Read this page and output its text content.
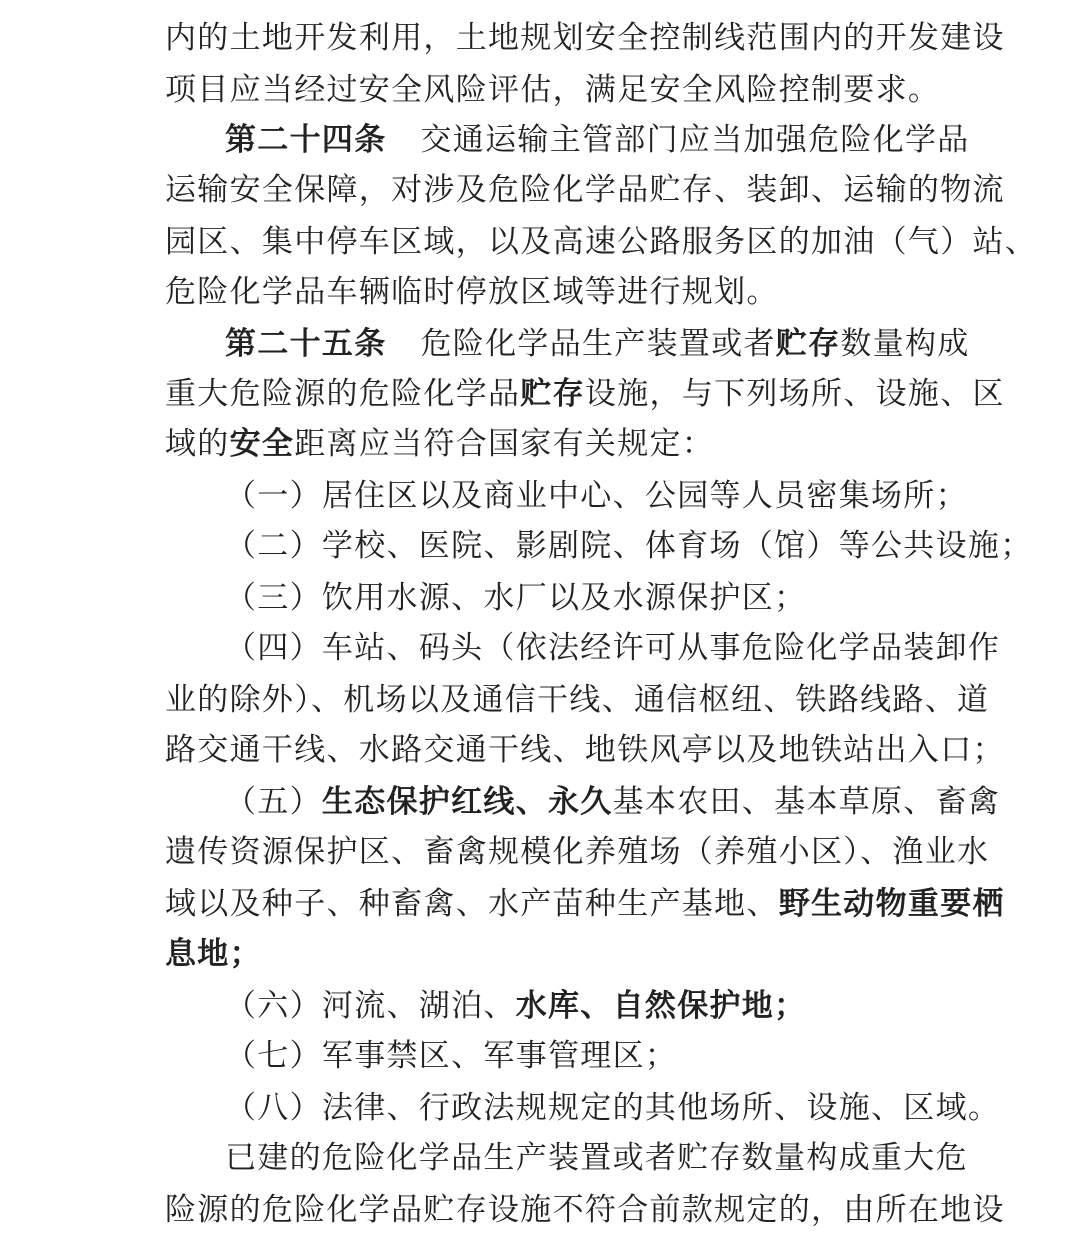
内的土地开发利用，土地规划安全控制线范围内的开发建设
项目应当经过安全风险评估，满足安全风险控制要求。
第二十四条 交通运输主管部门应当加强危险化学品
运输安全保障，对涉及危险化学品贮存、装卸、运输的物流
园区、集中停车区域，以及高速公路服务区的加油（气）站、
危险化学品车辆临时停放区域等进行规划。
第二十五条 危险化学品生产装置或者贮存数量构成
重大危险源的危险化学品贮存设施，与下列场所、设施、区
域的安全距离应当符合国家有关规定：
（一）居住区以及商业中心、公园等人员密集场所；
（二）学校、医院、影剧院、体育场（馆）等公共设施；
（三）饮用水源、水厂以及水源保护区；
（四）车站、码头（依法经许可从事危险化学品装卸作
业的除外）、机场以及通信干线、通信枢纽、铁路线路、道
路交通干线、水路交通干线、地铁风亭以及地铁站出入口；
（五）生态保护红线、永久基本农田、基本草原、畜禽
遗传资源保护区、畜禽规模化养殖场（养殖小区）、渔业水
域以及种子、种畜禽、水产苗种生产基地、野生动物重要栖
息地；
（六）河流、湖泊、水库、自然保护地；
（七）军事禁区、军事管理区；
（八）法律、行政法规规定的其他场所、设施、区域。
已建的危险化学品生产装置或者贮存数量构成重大危
险源的危险化学品贮存设施不符合前款规定的，由所在地设
